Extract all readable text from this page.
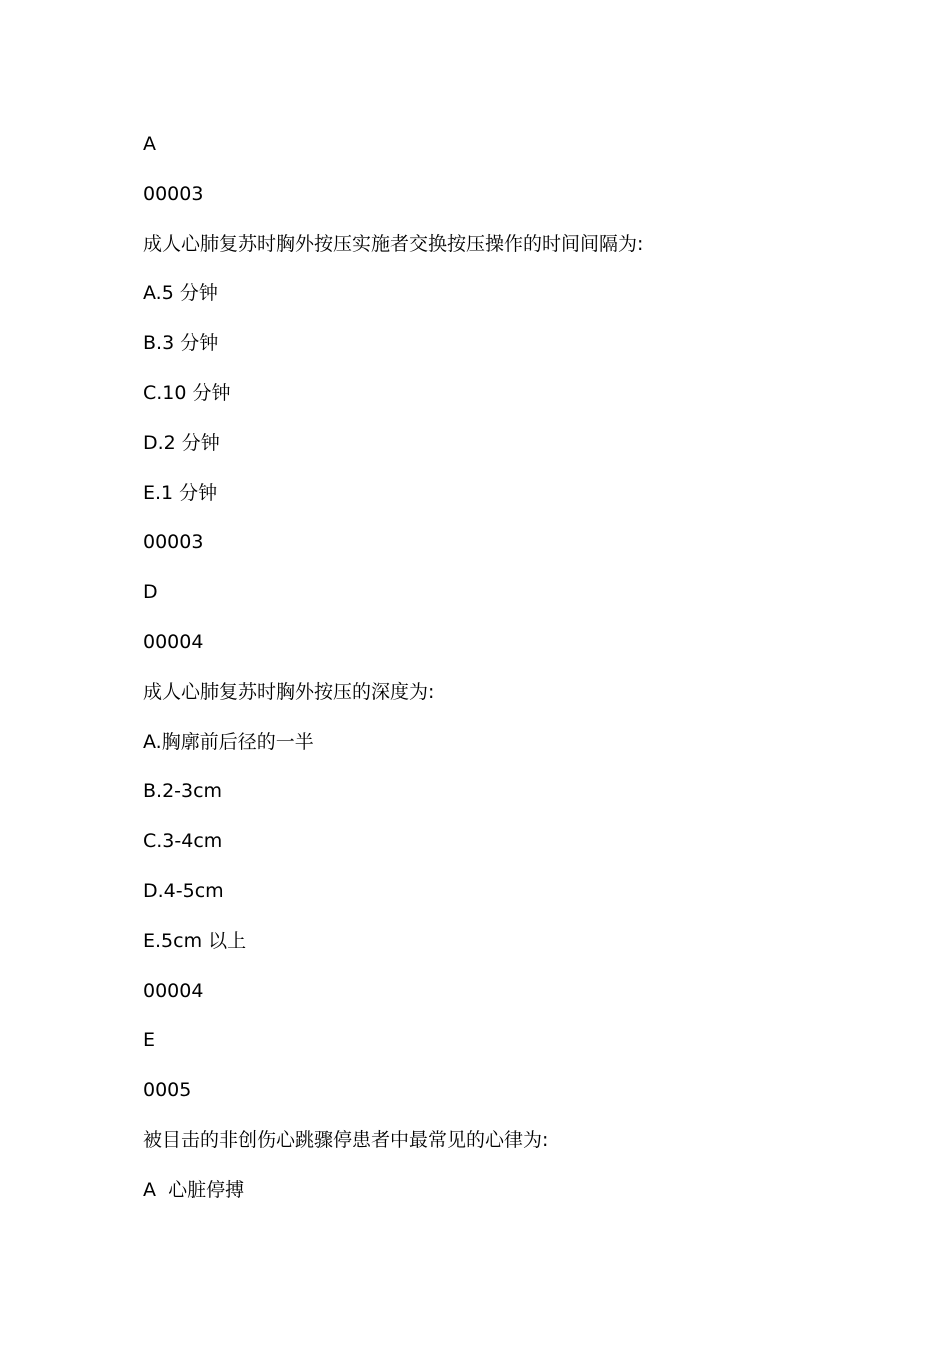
A
00003
成人心肺复苏时胸外按压实施者交换按压操作的时间间隔为:
A.5 分钟
B.3 分钟
C.10 分钟
D.2 分钟
E.1 分钟
00003
D
00004
成人心肺复苏时胸外按压的深度为:
A.胸廓前后径的一半
B.2-3cm
C.3-4cm
D.4-5cm
E.5cm 以上
00004
E
0005
被目击的非创伤心跳骤停患者中最常见的心律为:
A  心脏停搏
